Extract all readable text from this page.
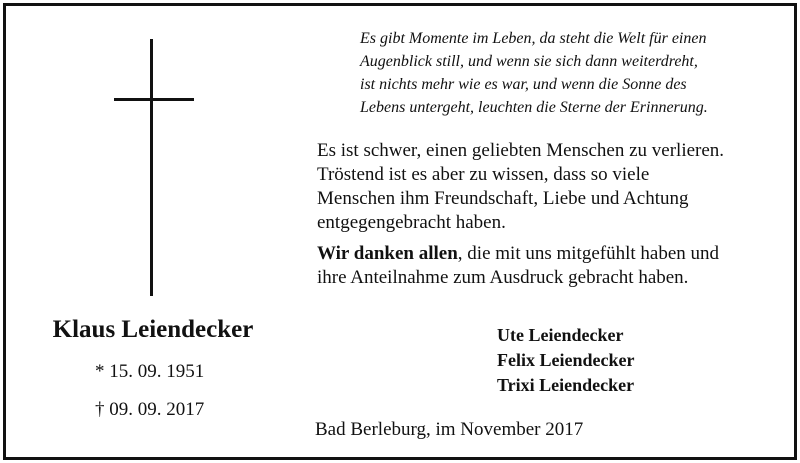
Es gibt Momente im Leben, da steht die Welt für einen
Augenblick still, und wenn sie sich dann weiterdreht,
ist nichts mehr wie es war, und wenn die Sonne des
Lebens untergeht, leuchten die Sterne der Erinnerung.
Es ist schwer, einen geliebten Menschen zu verlieren.
Tröstend ist es aber zu wissen, dass so viele
Menschen ihm Freundschaft, Liebe und Achtung
entgegengebracht haben.
Wir danken allen, die mit uns mitgefühlt haben und
ihre Anteilnahme zum Ausdruck gebracht haben.
Klaus Leiendecker
* 15. 09. 1951
† 09. 09. 2017
Ute Leiendecker
Felix Leiendecker
Trixi Leiendecker
Bad Berleburg, im November 2017
